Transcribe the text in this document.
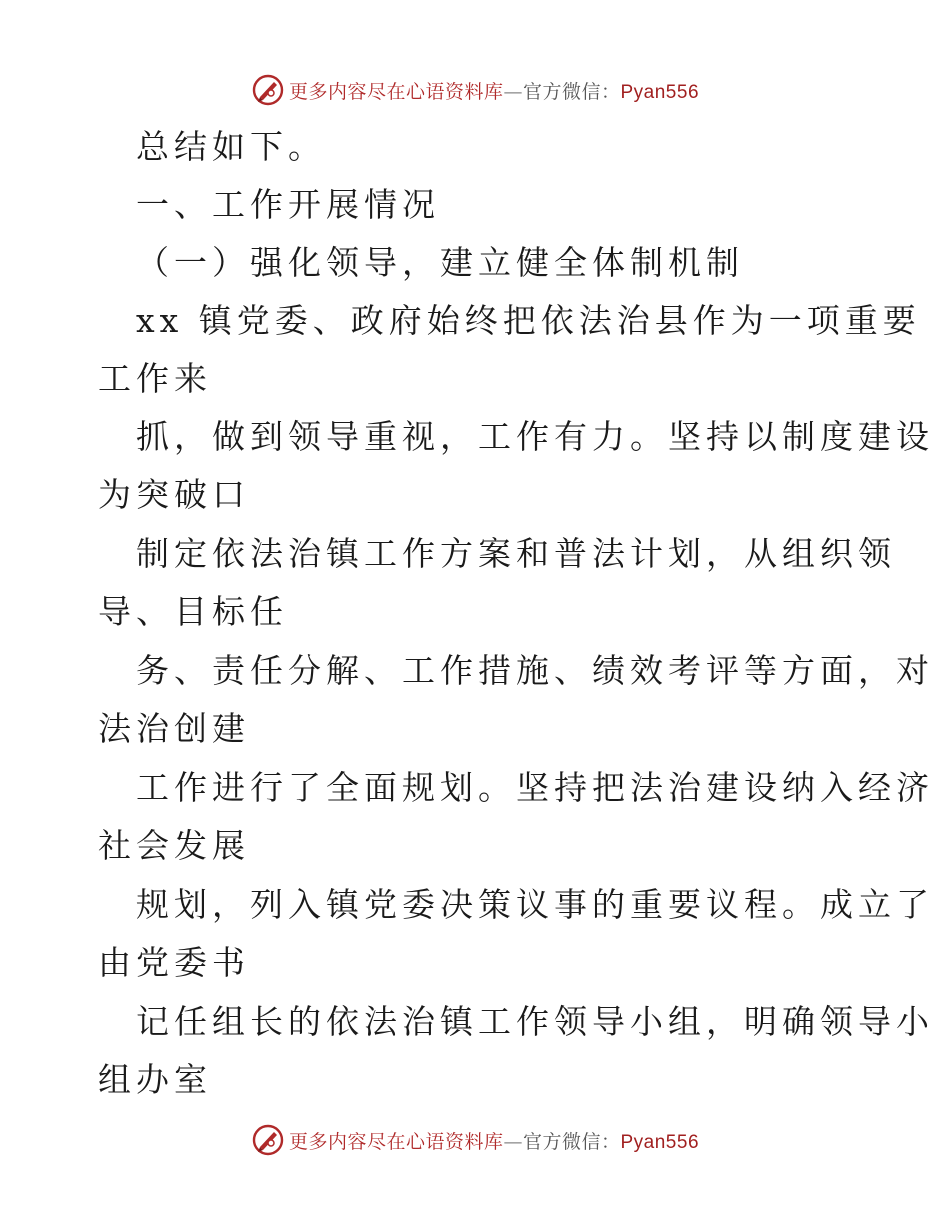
更多内容尽在心语资料库—官方微信：Pyan556
总结如下。
一、工作开展情况
（一）强化领导，建立健全体制机制
xx 镇党委、政府始终把依法治县作为一项重要
工作来
抓，做到领导重视，工作有力。坚持以制度建设
为突破口
制定依法治镇工作方案和普法计划，从组织领
导、目标任
务、责任分解、工作措施、绩效考评等方面，对
法治创建
工作进行了全面规划。坚持把法治建设纳入经济
社会发展
规划，列入镇党委决策议事的重要议程。成立了
由党委书
记任组长的依法治镇工作领导小组，明确领导小
组办室
更多内容尽在心语资料库—官方微信：Pyan556
